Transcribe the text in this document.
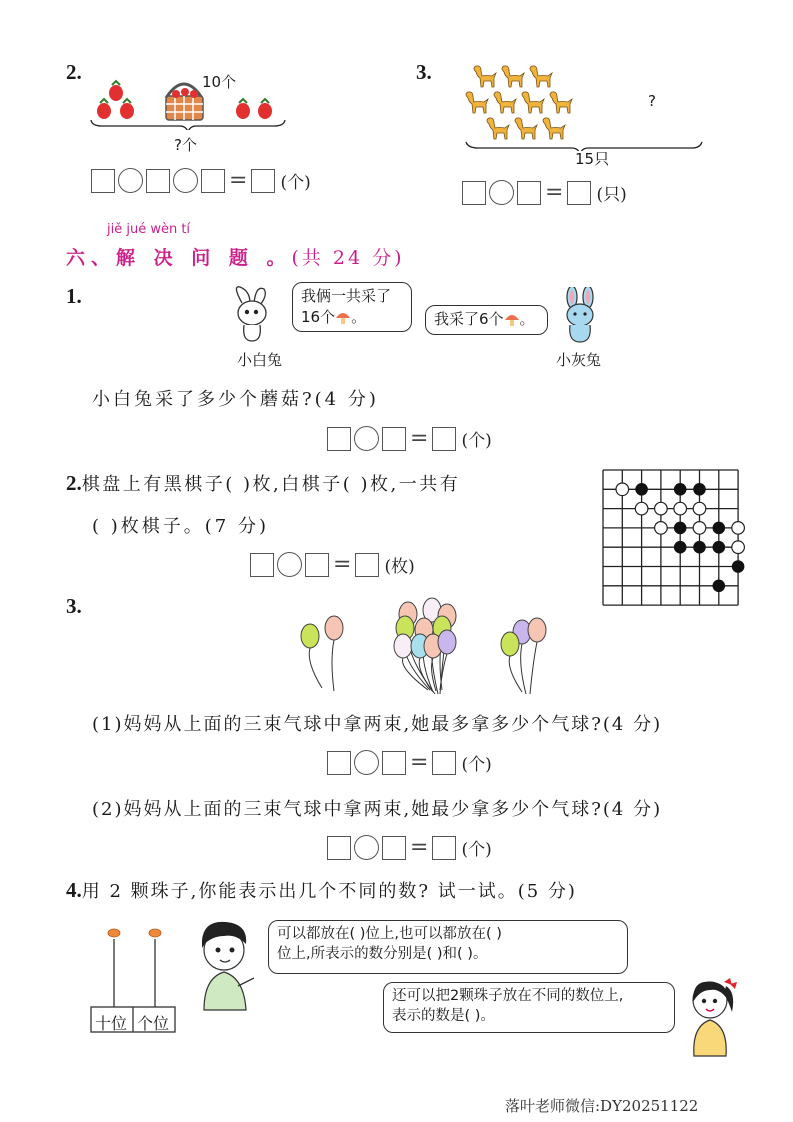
2.	10个
?个
= (个)
3.
?
15只
= (只)
jiě jué wèn tí
六、解 决 问 题 。(共 24 分)
1.	我俩一共采了
16个 。	我采了6个 。
小白兔	小灰兔
小白兔采了多少个蘑菇?(4 分)
= (个)
2.棋盘上有黑棋子( )枚,白棋子( )枚,一共有
( )枚棋子。(7 分)
= (枚)
3.
(1)妈妈从上面的三束气球中拿两束,她最多拿多少个气球?(4 分)
= (个)
(2)妈妈从上面的三束气球中拿两束,她最少拿多少个气球?(4 分)
= (个)
4.用 2 颗珠子,你能表示出几个不同的数? 试一试。(5 分)
十位 个位
可以都放在( )位上,也可以都放在( )
位上,所表示的数分别是( )和( )。
还可以把2颗珠子放在不同的数位上,
表示的数是( )。
落叶老师微信:DY20251122
